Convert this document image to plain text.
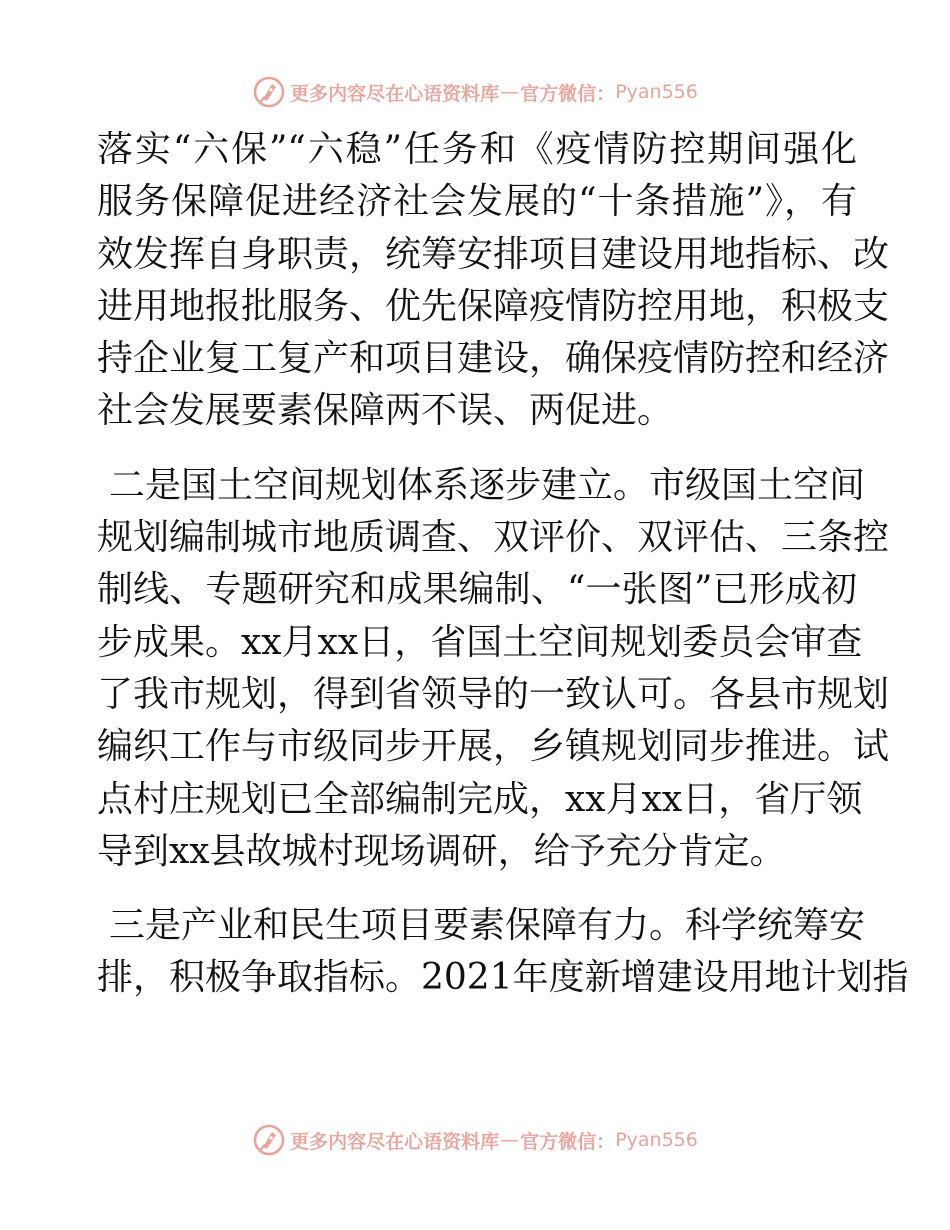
更多内容尽在心语资料库 — 官方微信： Pyan556
落实“六保”“六稳”任务和《疫情防控期间强化
服务保障促进经济社会发展的“十条措施”》，有
效发挥自身职责，统筹安排项目建设用地指标、改
进用地报批服务、优先保障疫情防控用地，积极支
持企业复工复产和项目建设，确保疫情防控和经济
社会发展要素保障两不误、两促进。
二是国土空间规划体系逐步建立。市级国土空间
规划编制城市地质调查、双评价、双评估、三条控
制线、专题研究和成果编制、“一张图”已形成初
步成果。xx月xx日，省国土空间规划委员会审查
了我市规划，得到省领导的一致认可。各县市规划
编织工作与市级同步开展，乡镇规划同步推进。试
点村庄规划已全部编制完成，xx月xx日，省厅领
导到xx县故城村现场调研，给予充分肯定。
三是产业和民生项目要素保障有力。科学统筹安
排，积极争取指标。2021年度新增建设用地计划指
更多内容尽在心语资料库 — 官方微信： Pyan556
